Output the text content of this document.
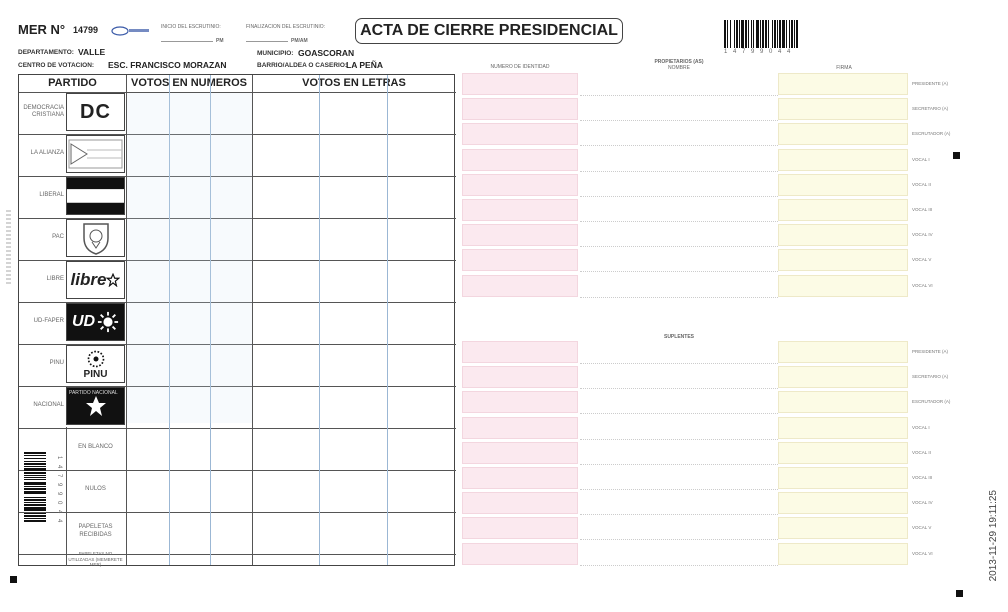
MER N° 14799	INICIO DEL ESCRUTINIO:
PM
FINALIZACION DEL ESCRUTINIO:
PM/AM
ACTA DE CIERRE PRESIDENCIAL
1 4 7 9 9 0 4 4
DEPARTAMENTO: VALLE	MUNICIPIO: GOASCORAN
CENTRO DE VOTACION: ESC. FRANCISCO MORAZAN	BARRIO/ALDEA O CASERIO:
LA PEÑA
PARTIDO	VOTOS EN NUMEROS	VOTOS EN LETRAS
DEMOCRACIA CRISTIANA DC
LA ALIANZA
LIBERAL
PAC
LIBRE libre
UD-FAPER UD
PINU
PINU
NACIONAL
PARTIDO NACIONAL
EN BLANCO
NULOS
PAPELETAS RECIBIDAS
PAPELETAS NO UTILIZADAS (MEMBRETE MER)
NUMERO DE IDENTIDAD
PROPIETARIOS (AS)
NOMBRE	FIRMA
SUPLENTES
PRESIDENTE (A)
SECRETARIO (A)
ESCRUTADOR (A)
VOCAL I
VOCAL II
VOCAL III
VOCAL IV
VOCAL V
VOCAL VI
PRESIDENTE (A)
SECRETARIO (A)
ESCRUTADOR (A)
VOCAL I
VOCAL II
VOCAL III
VOCAL IV
VOCAL V
VOCAL VI
1 4 7 9 9 0 4 4	2013-11-29 19:11:25
